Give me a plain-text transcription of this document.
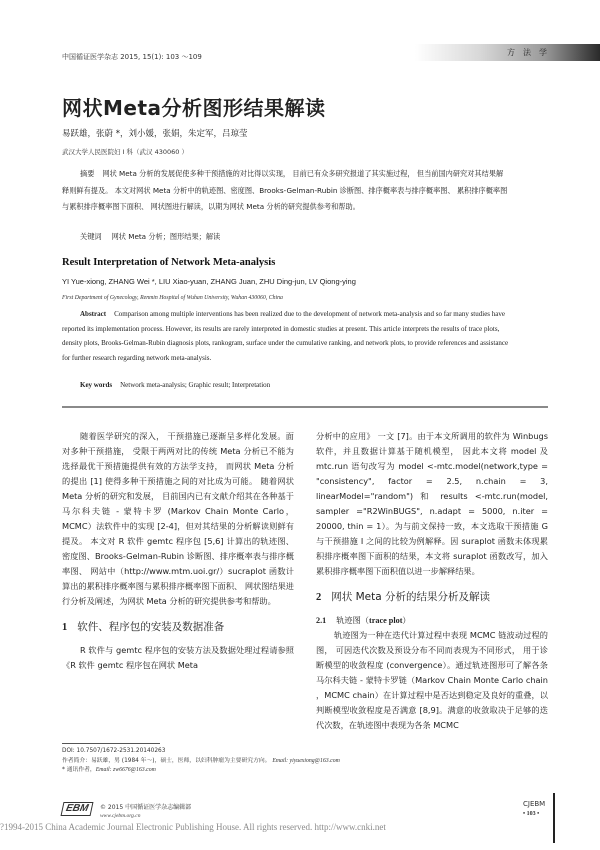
中国循证医学杂志 2015, 15(1): 103 ～109	方法学
网状Meta分析图形结果解读
易跃雄，张蔚 *，刘小媛，张娟，朱定军，吕琼莹
武汉大学人民医院妇 I 科（武汉 430060 ）
摘要 网状 Meta 分析的发展促使多种干预措施的对比得以实现， 目前已有众多研究报道了其实施过程， 但当前国内研究对其结果解释则鲜有提及。 本文对网状 Meta 分析中的轨迹图、密度图、Brooks-Gelman-Rubin 诊断图、排序概率表与排序概率图、 累积排序概率图与累积排序概率图下面积、 网状图进行解读，以期为网状 Meta 分析的研究提供参考和帮助。
关键词 网状 Meta 分析；图形结果；解读
Result Interpretation of Network Meta-analysis
YI Yue-xiong, ZHANG Wei *, LIU Xiao-yuan, ZHANG Juan, ZHU Ding-jun, LV Qiong-ying
First Department of Gynecology, Renmin Hospital of Wuhan University, Wuhan 430060, China
Abstract Comparison among multiple interventions has been realized due to the development of network meta-analysis and so far many studies have reported its implementation process. However, its results are rarely interpreted in domestic studies at present. This article interprets the results of trace plots, density plots, Brooks-Gelman-Rubin diagnosis plots, rankogram, surface under the cumulative ranking, and network plots, to provide references and assistance for further research regarding network meta-analysis.
Key words Network meta-analysis; Graphic result; Interpretation

随着医学研究的深入， 干预措施已逐渐呈多样化发展。面对多种干预措施， 受限于两两对比的传统 Meta 分析已不能为选择最优干预措施提供有效的方法学支持， 而网状 Meta 分析的提出 [1] 使得多种干预措施之间的对比成为可能。 随着网状 Meta 分析的研究和发展， 目前国内已有文献介绍其在各种基于马尔科夫链 - 蒙特卡罗 (Markov Chain Monte Carlo，MCMC）法软件中的实现 [2-4]，但对其结果的分析解读则鲜有提及。 本文对 R 软件 gemtc 程序包 [5,6] 计算出的轨迹图、 密度图、Brooks-Gelman-Rubin 诊断图、排序概率表与排序概率图、 网站中（http://www.mtm.uoi.gr/）sucraplot 函数计算出的累积排序概率图与累积排序概率图下面积、 网状图结果进行分析及阐述，为网状 Meta 分析的研究提供参考和帮助。

1 软件、程序包的安装及数据准备

R 软件与 gemtc 程序包的安装方法及数据处理过程请参照《R 软件 gemtc 程序包在网状 Meta

分析中的应用》 一文 [7]。由于本文所调用的软件为 Winbugs 软件，并且数据计算基于随机模型， 因此本文将 model 及 mtc.run 语句改写为 model <-mtc.model(network,type = "consistency", factor = 2.5, n.chain = 3, linearModel="random") 和 results <-mtc.run(model, sampler ="R2WinBUGS", n.adapt = 5000, n.iter = 20000, thin = 1）。为与前文保持一致，本文选取干预措施 G 与干预措施 I 之间的比较为例解释。因 suraplot 函数未体现累积排序概率图下面积的结果，本文将 suraplot 函数改写，加入累积排序概率图下面积值以进一步解释结果。

2 网状 Meta 分析的结果分析及解读
2.1 轨迹图（trace plot）

轨迹图为一种在迭代计算过程中表现 MCMC 链波动过程的图， 可因迭代次数及预设分布不同而表现为不同形式， 用于诊断模型的收敛程度 (convergence）。通过轨迹图形可了解各条马尔科夫链 - 蒙特卡罗链（Markov Chain Monte Carlo chain ，MCMC chain）在计算过程中是否达到稳定及良好的重叠，以判断模型收敛程度是否满意 [8,9]。满意的收敛取决于足够的迭代次数，在轨迹图中表现为各条 MCMC

DOI: 10.7507/1672-2531.20140263
作者简介：易跃雄，男 (1984 年～)，硕士，医师，以妇科肿瘤为主要研究方向。 Email: yiyuexiong@163.com
* 通讯作者，Email: zw6676@163.com
EBM	© 2015 中国循证医学杂志编辑部
www.cjebm.org.cn
?1994-2015 China Academic Journal Electronic Publishing House. All rights reserved. http://www.cnki.net
CJEBM
• 103 •
